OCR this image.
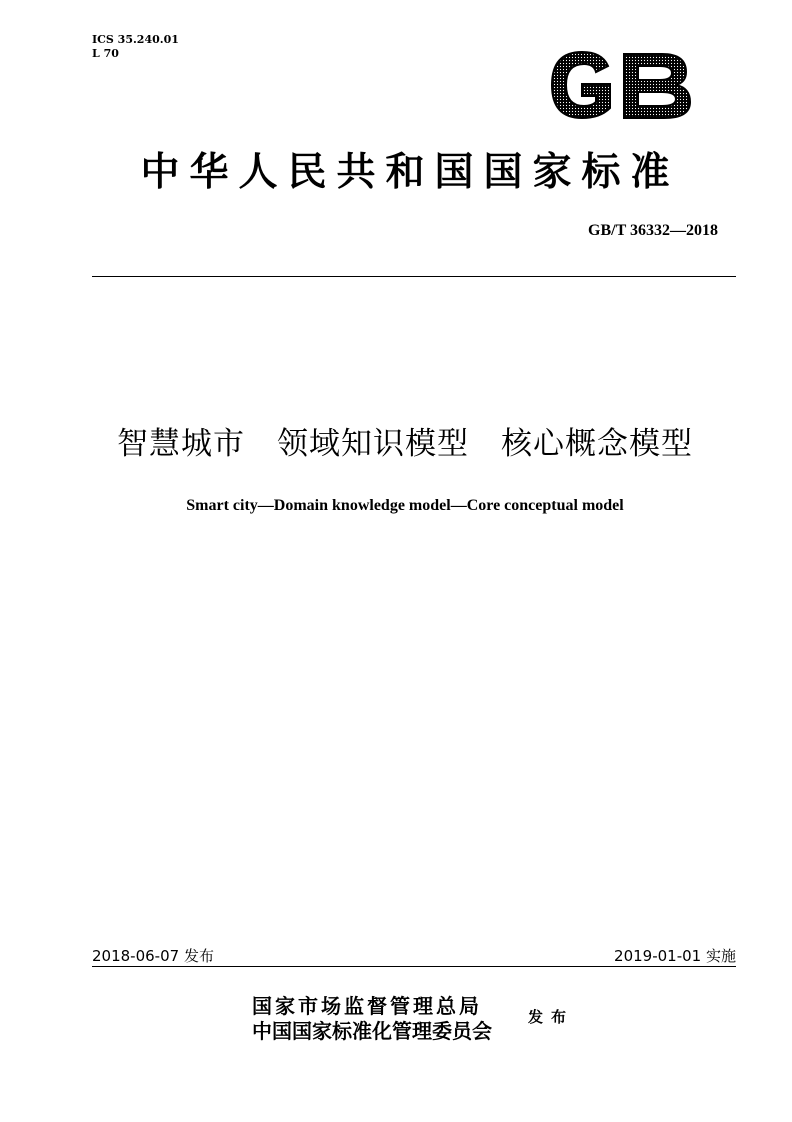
ICS 35.240.01
L 70
GB
中华人民共和国国家标准
GB/T 36332—2018
智慧城市　领域知识模型　核心概念模型
Smart city—Domain knowledge model—Core conceptual model
2018-06-07 发布	2019-01-01 实施
国家市场监督管理总局
中国国家标准化管理委员会
发布
